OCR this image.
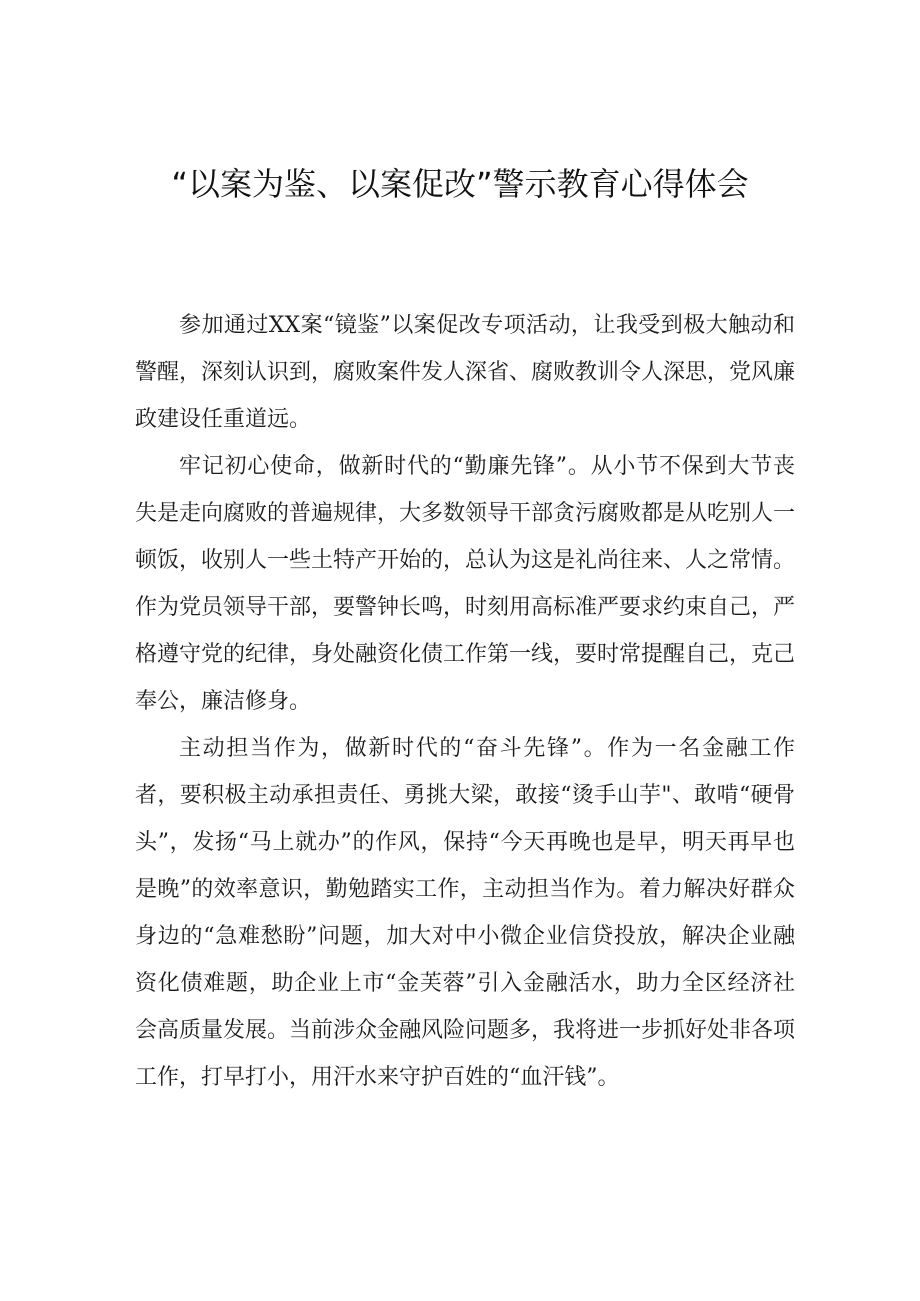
“以案为鉴、以案促改”警示教育心得体会

参加通过XX案“镜鉴”以案促改专项活动，让我受到极大触动和警醒，深刻认识到，腐败案件发人深省、腐败教训令人深思，党风廉政建设任重道远。

牢记初心使命，做新时代的“勤廉先锋”。从小节不保到大节丧失是走向腐败的普遍规律，大多数领导干部贪污腐败都是从吃别人一顿饭，收别人一些土特产开始的，总认为这是礼尚往来、人之常情。作为党员领导干部，要警钟长鸣，时刻用高标准严要求约束自己，严格遵守党的纪律，身处融资化债工作第一线，要时常提醒自己，克己奉公，廉洁修身。

主动担当作为，做新时代的“奋斗先锋”。作为一名金融工作者，要积极主动承担责任、勇挑大梁，敢接“烫手山芋"、敢啃“硬骨头”，发扬“马上就办”的作风，保持“今天再晚也是早，明天再早也是晚”的效率意识，勤勉踏实工作，主动担当作为。着力解决好群众身边的“急难愁盼”问题，加大对中小微企业信贷投放，解决企业融资化债难题，助企业上市“金芙蓉”引入金融活水，助力全区经济社会高质量发展。当前涉众金融风险问题多，我将进一步抓好处非各项工作，打早打小，用汗水来守护百姓的“血汗钱”。
